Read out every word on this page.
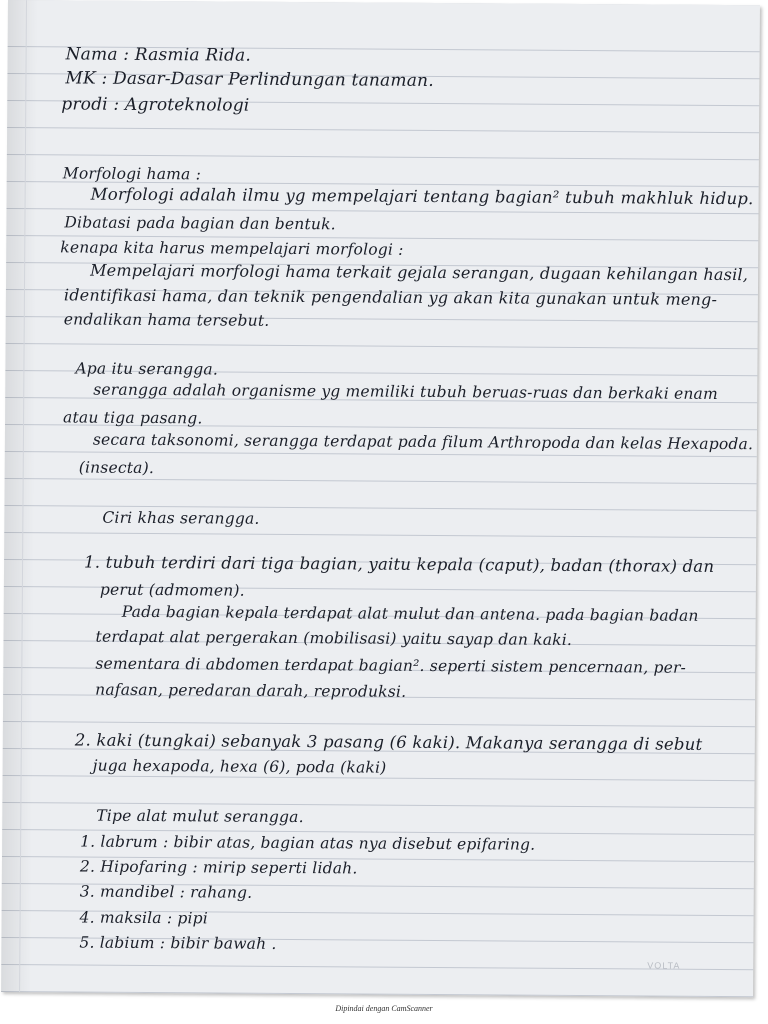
Nama : Rasmia Rida.
MK : Dasar-Dasar Perlindungan tanaman.
prodi : Agroteknologi
Morfologi hama :
Morfologi adalah ilmu yg mempelajari tentang bagian² tubuh makhluk hidup.
Dibatasi pada bagian dan bentuk.
kenapa kita harus mempelajari morfologi :
Mempelajari morfologi hama terkait gejala serangan, dugaan kehilangan hasil,
identifikasi hama, dan teknik pengendalian yg akan kita gunakan untuk meng-
endalikan hama tersebut.
Apa itu serangga.
serangga adalah organisme yg memiliki tubuh beruas-ruas dan berkaki enam
atau tiga pasang.
secara taksonomi, serangga terdapat pada filum Arthropoda dan kelas Hexapoda.
(insecta).
Ciri khas serangga.
1. tubuh terdiri dari tiga bagian, yaitu kepala (caput), badan (thorax) dan
perut (admomen).
Pada bagian kepala terdapat alat mulut dan antena. pada bagian badan
terdapat alat pergerakan (mobilisasi) yaitu sayap dan kaki.
sementara di abdomen terdapat bagian². seperti sistem pencernaan, per-
nafasan, peredaran darah, reproduksi.
2. kaki (tungkai) sebanyak 3 pasang (6 kaki). Makanya serangga di sebut
juga hexapoda, hexa (6), poda (kaki)
Tipe alat mulut serangga.
1. labrum : bibir atas, bagian atas nya disebut epifaring.
2. Hipofaring : mirip seperti lidah.
3. mandibel : rahang.
4. maksila : pipi
5. labium : bibir bawah .
VOLTA
Dipindai dengan CamScanner
